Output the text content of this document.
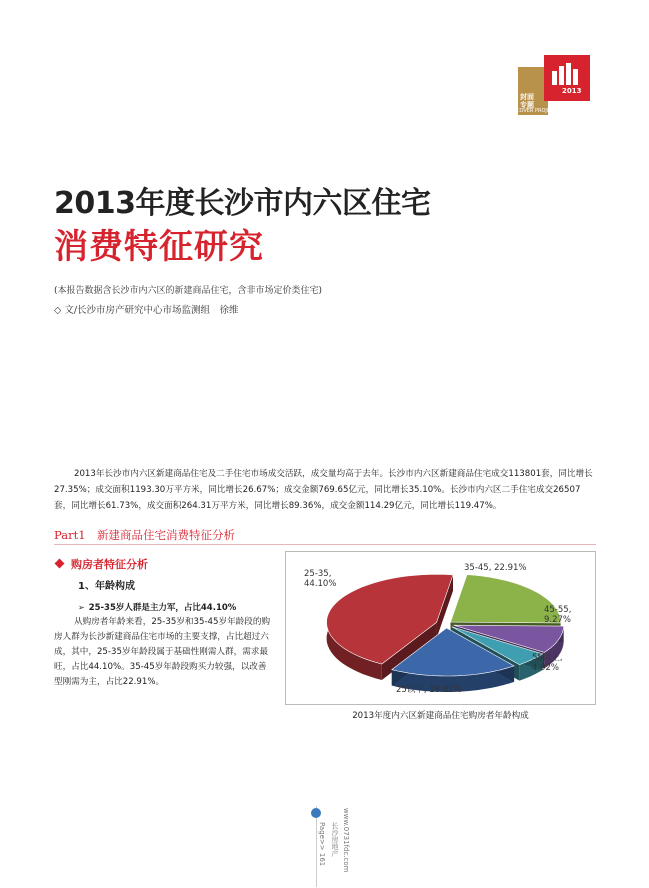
封面
专题
COVER PROJECT
2013
2013年度长沙市内六区住宅
消费特征研究
(本报告数据含长沙市内六区的新建商品住宅，含非市场定价类住宅)
◇ 文/长沙市房产研究中心市场监测组　徐维
2013年长沙市内六区新建商品住宅及二手住宅市场成交活跃，成交量均高于去年。长沙市内六区新建商品住宅成交113801套，同比增长27.35%；成交面积1193.30万平方米，同比增长26.67%；成交金额769.65亿元，同比增长35.10%。长沙市内六区二手住宅成交26507套，同比增长61.73%，成交面积264.31万平方米，同比增长89.36%，成交金额114.29亿元，同比增长119.47%。
Part1　新建商品住宅消费特征分析
购房者特征分析
1、年龄构成
➢ 25-35岁人群是主力军，占比44.10%
从购房者年龄来看，25-35岁和35-45岁年龄段的购房人群为长沙新建商品住宅市场的主要支撑，占比超过六成，其中，25-35岁年龄段属于基础性刚需人群，需求最旺，占比44.10%。35-45岁年龄段购买力较强，以改善型刚需为主，占比22.91%。
25-35, 44.10%
35-45, 22.91%
45-55, 9.27%
55以上, 4.92%
25以下, 18.81%
2013年度内六区新建商品住宅购房者年龄构成
Page>> 161 长沙房地产 www.0731fdc.com
